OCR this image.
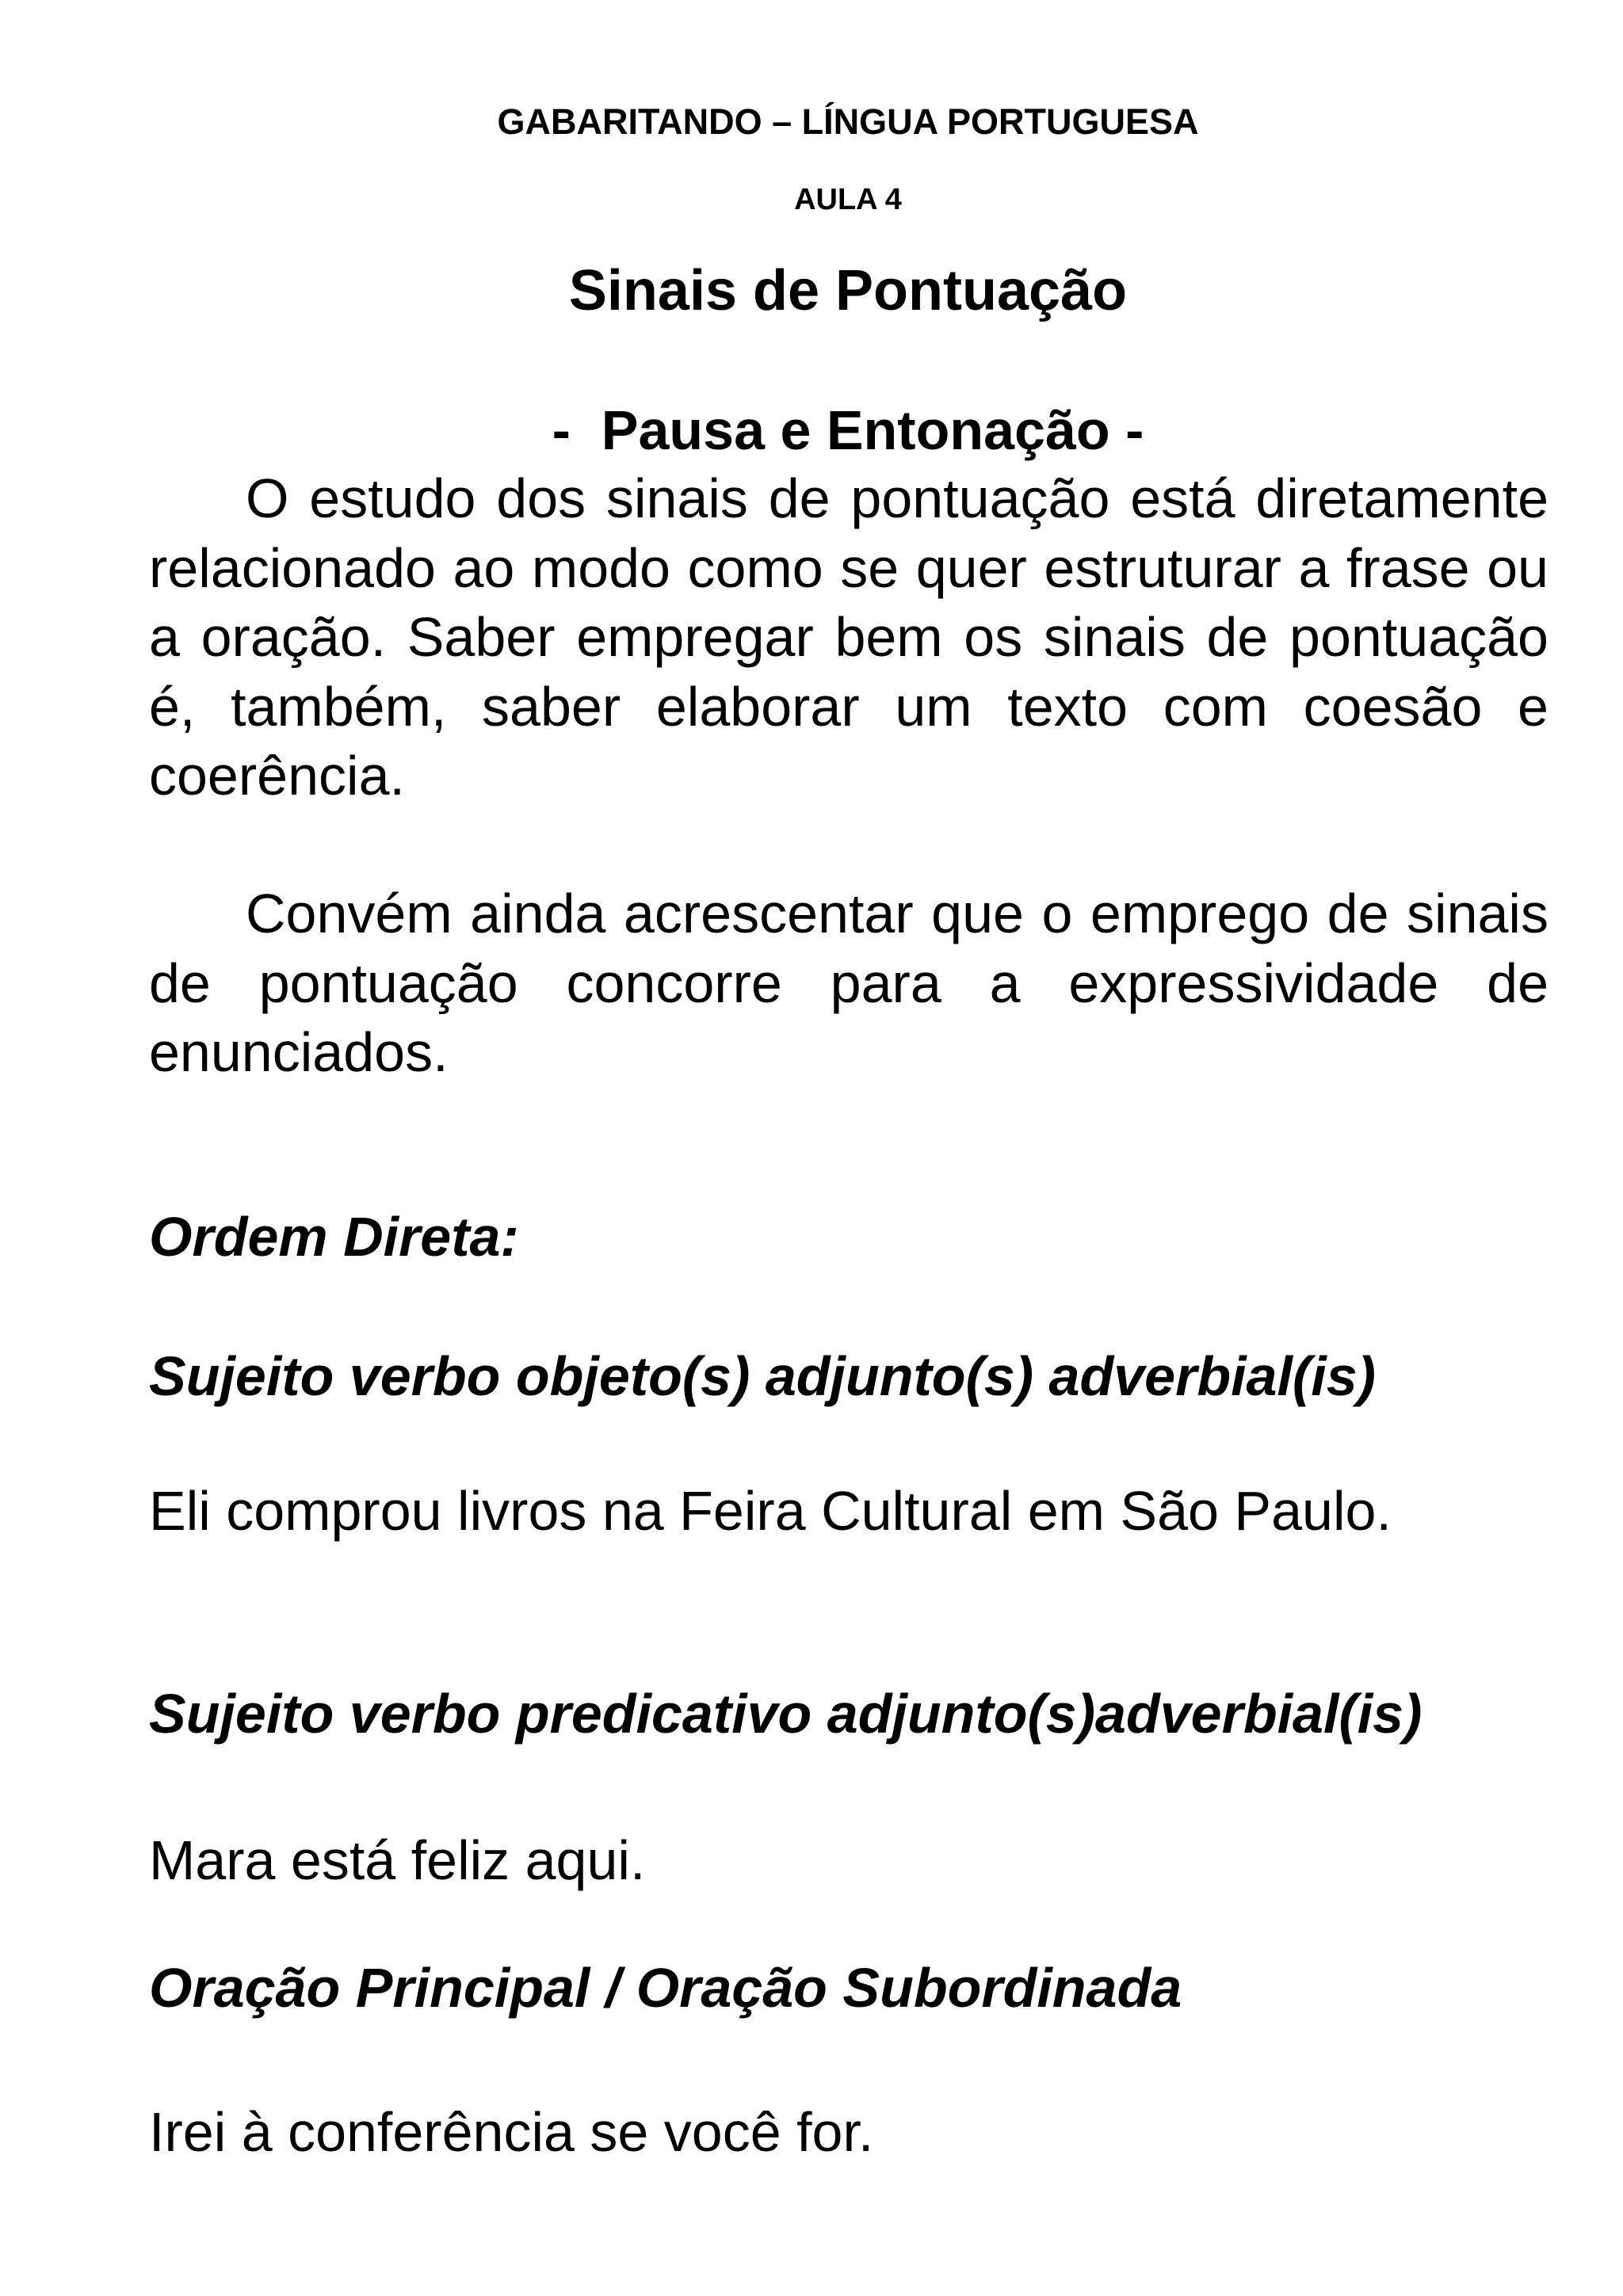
GABARITANDO – LÍNGUA PORTUGUESA
AULA 4
Sinais de Pontuação
-  Pausa e Entonação -

O estudo dos sinais de pontuação está diretamente relacionado ao modo como se quer estruturar a frase ou a oração. Saber empregar bem os sinais de pontuação é, também, saber elaborar um texto com coesão e coerência.

Convém ainda acrescentar que o emprego de sinais de pontuação concorre para a expressividade de enunciados.

Ordem Direta:

Sujeito verbo objeto(s) adjunto(s) adverbial(is)

Eli comprou livros na Feira Cultural em São Paulo.

Sujeito verbo predicativo adjunto(s)adverbial(is)

Mara está feliz aqui.

Oração Principal / Oração Subordinada

Irei à conferência se você for.
